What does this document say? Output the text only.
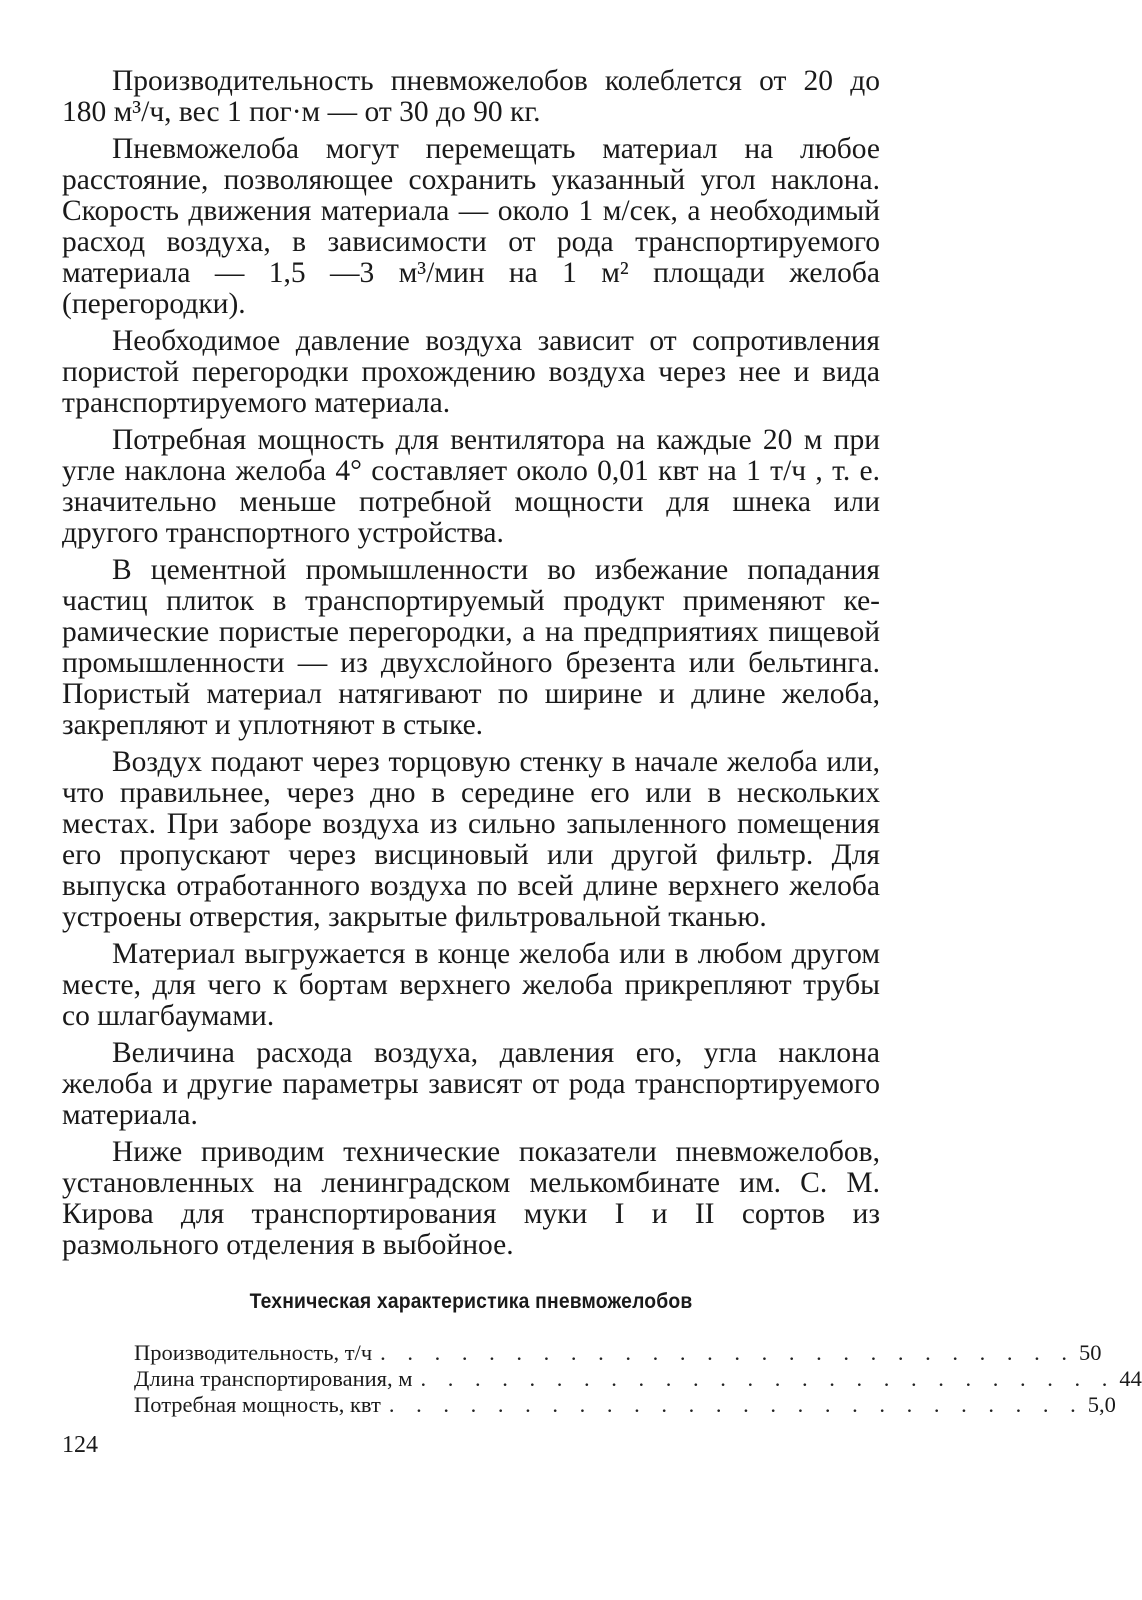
Производительность пневможелобов колеблется от 20 до 180 м³/ч, вес 1 пог·м — от 30 до 90 кг.

Пневможелоба могут перемещать материал на любое расстояние, позволяющее сохранить указанный угол наклона. Скорость движения материала — около 1 м/сек, а необходимый расход воздуха, в зависимости от рода транспортируемого материала — 1,5 —3 м³/мин на 1 м² площади желоба (перегородки).

Необходимое давление воздуха зависит от сопротивления пористой перегородки прохождению воздуха через нее и вида транспортируемого материала.

Потребная мощность для вентилятора на каждые 20 м при угле наклона желоба 4° составляет около 0,01 квт на 1 т/ч , т. е. значительно меньше потребной мощности для шнека или другого транспортного устройства.

В цементной промышленности во избежание попадания частиц плиток в транспортируемый продукт применяют керамические пористые перегородки, а на предприятиях пищевой промышленности — из двухслойного брезента или бельтинга. Пористый материал натягивают по ширине и длине желоба, закрепляют и уплотняют в стыке.

Воздух подают через торцовую стенку в начале желоба или, что правильнее, через дно в середине его или в нескольких местах. При заборе воздуха из сильно запыленного помещения его пропускают через висциновый или другой фильтр. Для выпуска отработанного воздуха по всей длине верхнего желоба устроены отверстия, закрытые фильтровальной тканью.

Материал выгружается в конце желоба или в любом другом месте, для чего к бортам верхнего желоба прикрепляют трубы со шлагбаумами.

Величина расхода воздуха, давления его, угла наклона желоба и другие параметры зависят от рода транспортируемого материала.

Ниже приводим технические показатели пневможелобов, установленных на ленинградском мелькомбинате им. С. М. Кирова для транспортирования муки I и II сортов из размольного отделения в выбойное.

Техническая характеристика пневможелобов
Производительность, т/ч . . . . . . . . . . . . . . . . . . . . . . . . . . 50
Длина транспортирования, м . . . . . . . . . . . . . . . . . . . . . . . . . . 44
Потребная мощность, квт . . . . . . . . . . . . . . . . . . . . . . . . . . 5,0
124
